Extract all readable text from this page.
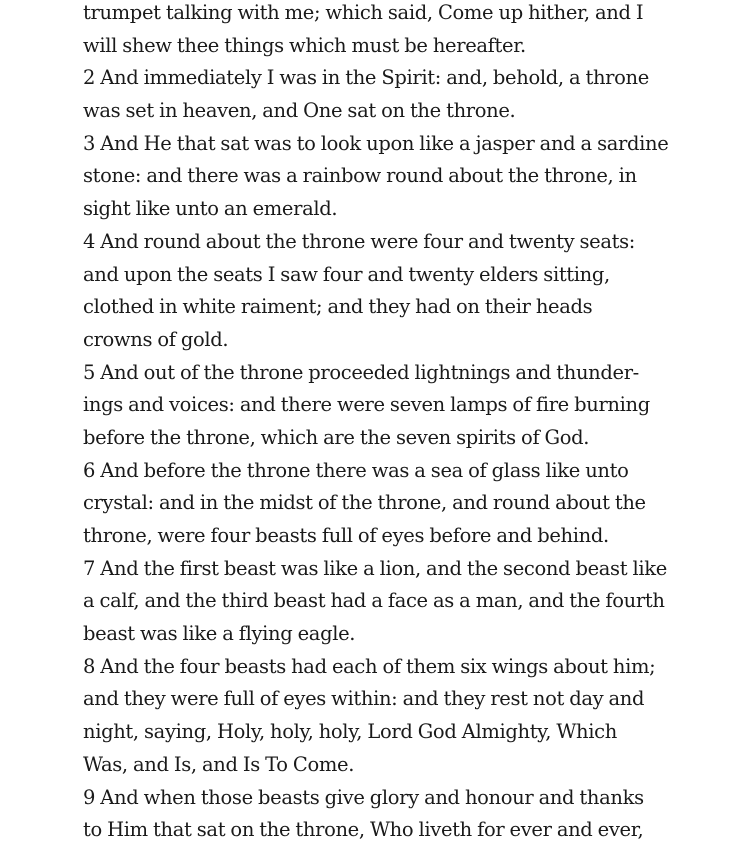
trumpet talking with me; which said, Come up hither, and I
will shew thee things which must be hereafter.
2 And immediately I was in the Spirit: and, behold, a throne
was set in heaven, and One sat on the throne.
3 And He that sat was to look upon like a jasper and a sardine
stone: and there was a rainbow round about the throne, in
sight like unto an emerald.
4 And round about the throne were four and twenty seats:
and upon the seats I saw four and twenty elders sitting,
clothed in white raiment; and they had on their heads
crowns of gold.
5 And out of the throne proceeded lightnings and thunder-
ings and voices: and there were seven lamps of fire burning
before the throne, which are the seven spirits of God.
6 And before the throne there was a sea of glass like unto
crystal: and in the midst of the throne, and round about the
throne, were four beasts full of eyes before and behind.
7 And the first beast was like a lion, and the second beast like
a calf, and the third beast had a face as a man, and the fourth
beast was like a flying eagle.
8 And the four beasts had each of them six wings about him;
and they were full of eyes within: and they rest not day and
night, saying, Holy, holy, holy, Lord God Almighty, Which
Was, and Is, and Is To Come.
9 And when those beasts give glory and honour and thanks
to Him that sat on the throne, Who liveth for ever and ever,
